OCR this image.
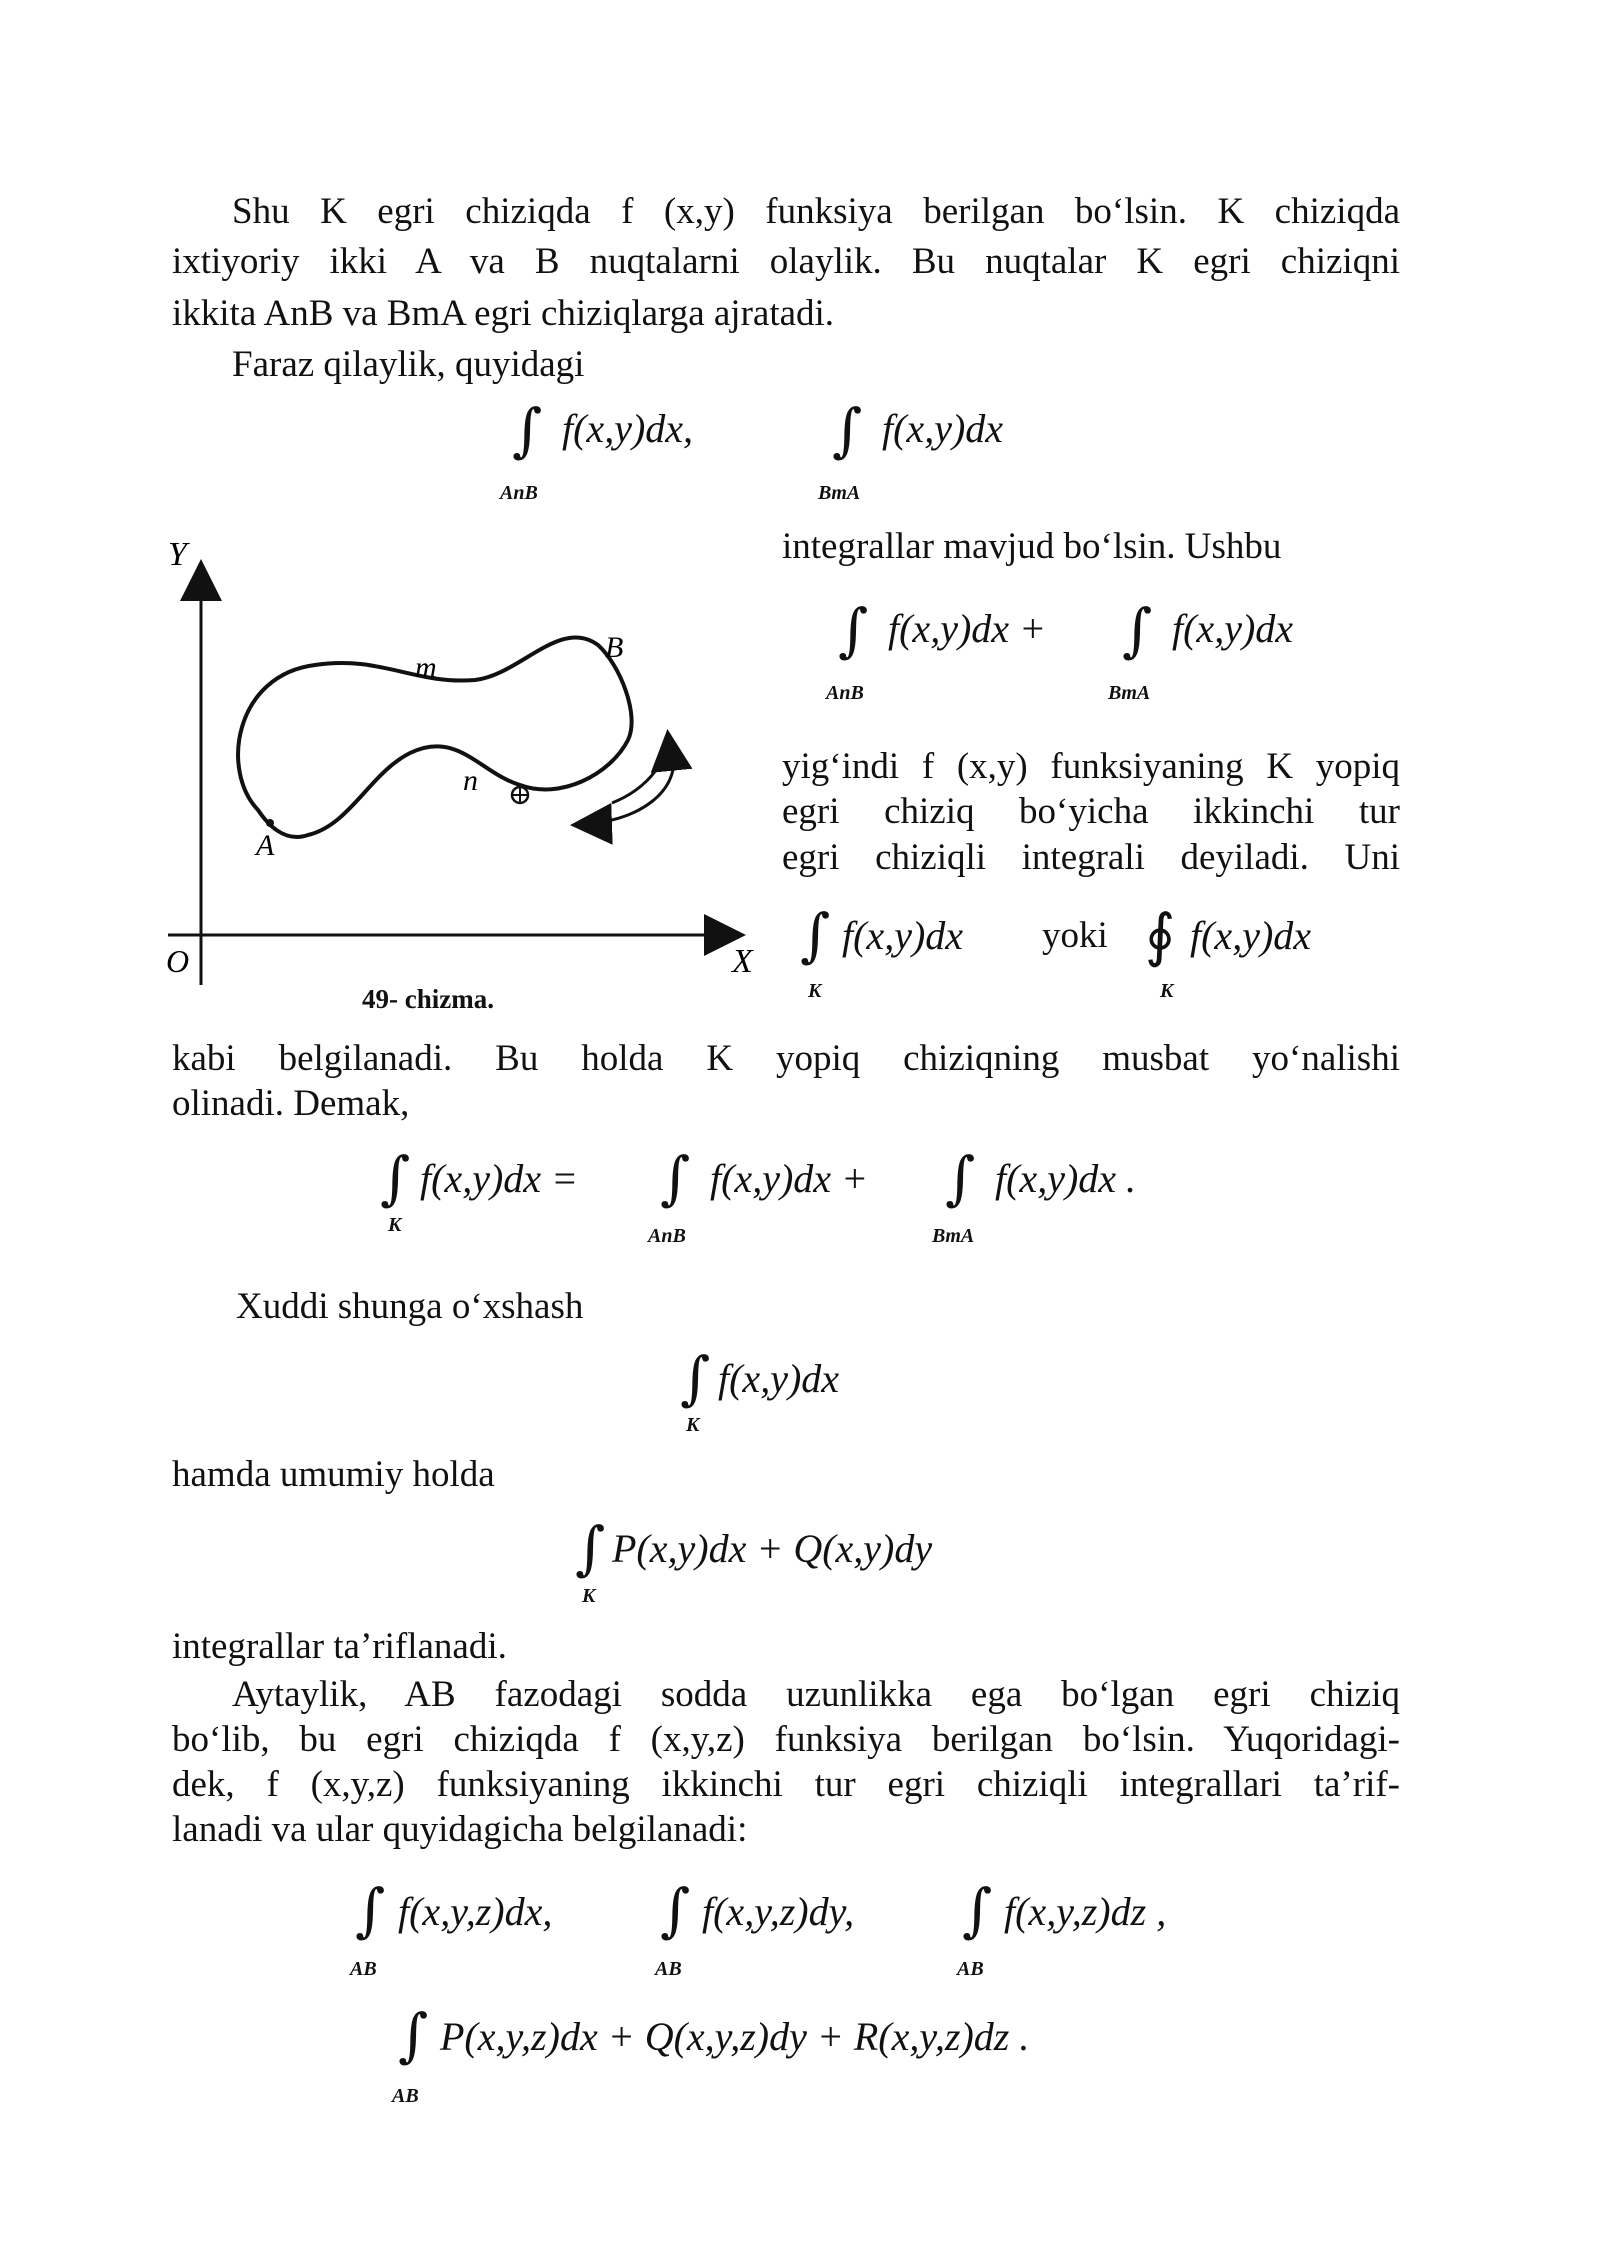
Shu K egri chiziqda f (x,y) funksiya berilgan bo‘lsin. K chiziqda
ixtiyoriy ikki A va B nuqtalarni olaylik. Bu nuqtalar K egri chiziqni
ikkita AnB va BmA egri chiziqlarga ajratadi.
Faraz qilaylik, quyidagi
∫ f(x,y)dx,
AnB
∫ f(x,y)dx
BmA
Y
X
O
m
n
A
B
49- chizma.
integrallar mavjud bo‘lsin. Ushbu
∫ f(x,y)dx +
AnB
∫ f(x,y)dx
BmA
yig‘indi f (x,y) funksiyaning K yopiq
egri chiziq bo‘yicha ikkinchi tur
egri chiziqli integrali deyiladi. Uni
∫ f(x,y)dx
K
yoki ∮ f(x,y)dx
K
kabi belgilanadi. Bu holda K yopiq chiziqning musbat yo‘nalishi
olinadi. Demak,
∫ f(x,y)dx =
K
∫ f(x,y)dx +
AnB
∫ f(x,y)dx .
BmA
Xuddi shunga o‘xshash
∫ f(x,y)dx
K
hamda umumiy holda
∫ P(x,y)dx + Q(x,y)dy
K
integrallar ta’riflanadi.
Aytaylik, AB fazodagi sodda uzunlikka ega bo‘lgan egri chiziq
bo‘lib, bu egri chiziqda f (x,y,z) funksiya berilgan bo‘lsin. Yuqoridagi-
dek, f (x,y,z) funksiyaning ikkinchi tur egri chiziqli integrallari ta’rif-
lanadi va ular quyidagicha belgilanadi:
∫ f(x,y,z)dx,
AB
∫ f(x,y,z)dy,
AB
∫ f(x,y,z)dz ,
AB
∫ P(x,y,z)dx + Q(x,y,z)dy + R(x,y,z)dz .
AB
